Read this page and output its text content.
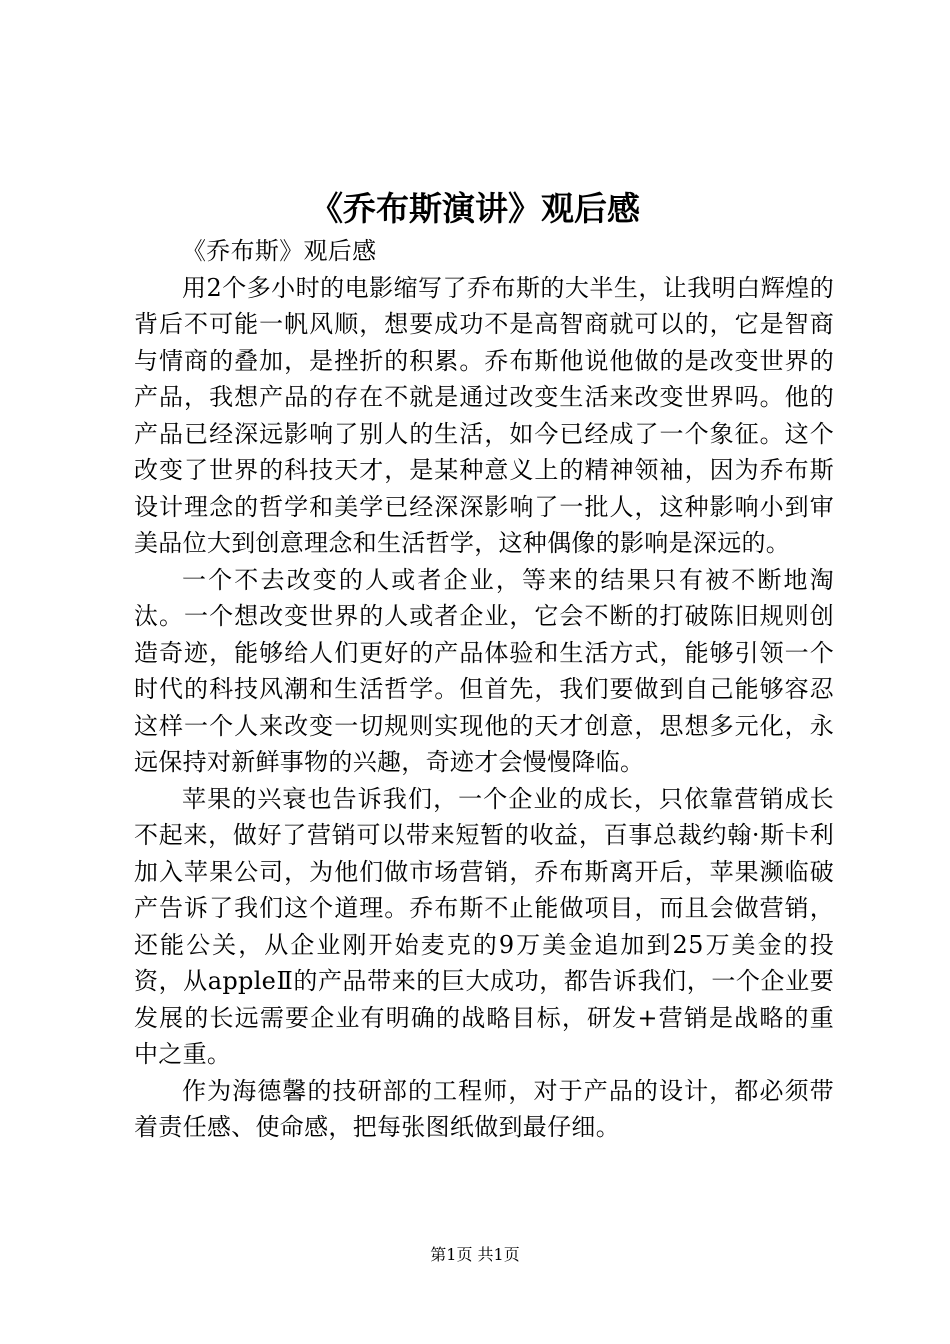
《乔布斯演讲》观后感

《乔布斯》观后感

用2个多小时的电影缩写了乔布斯的大半生，让我明白辉煌的背后不可能一帆风顺，想要成功不是高智商就可以的，它是智商与情商的叠加，是挫折的积累。乔布斯他说他做的是改变世界的产品，我想产品的存在不就是通过改变生活来改变世界吗。他的产品已经深远影响了别人的生活，如今已经成了一个象征。这个改变了世界的科技天才，是某种意义上的精神领袖，因为乔布斯设计理念的哲学和美学已经深深影响了一批人，这种影响小到审美品位大到创意理念和生活哲学，这种偶像的影响是深远的。

一个不去改变的人或者企业，等来的结果只有被不断地淘汰。一个想改变世界的人或者企业，它会不断的打破陈旧规则创造奇迹，能够给人们更好的产品体验和生活方式，能够引领一个时代的科技风潮和生活哲学。但首先，我们要做到自己能够容忍这样一个人来改变一切规则实现他的天才创意，思想多元化，永远保持对新鲜事物的兴趣，奇迹才会慢慢降临。

苹果的兴衰也告诉我们，一个企业的成长，只依靠营销成长不起来，做好了营销可以带来短暂的收益，百事总裁约翰·斯卡利加入苹果公司，为他们做市场营销，乔布斯离开后，苹果濒临破产告诉了我们这个道理。乔布斯不止能做项目，而且会做营销，还能公关，从企业刚开始麦克的9万美金追加到25万美金的投资，从appleⅡ的产品带来的巨大成功，都告诉我们，一个企业要发展的长远需要企业有明确的战略目标，研发+营销是战略的重中之重。

作为海德馨的技研部的工程师，对于产品的设计，都必须带着责任感、使命感，把每张图纸做到最仔细。

第1页 共1页
